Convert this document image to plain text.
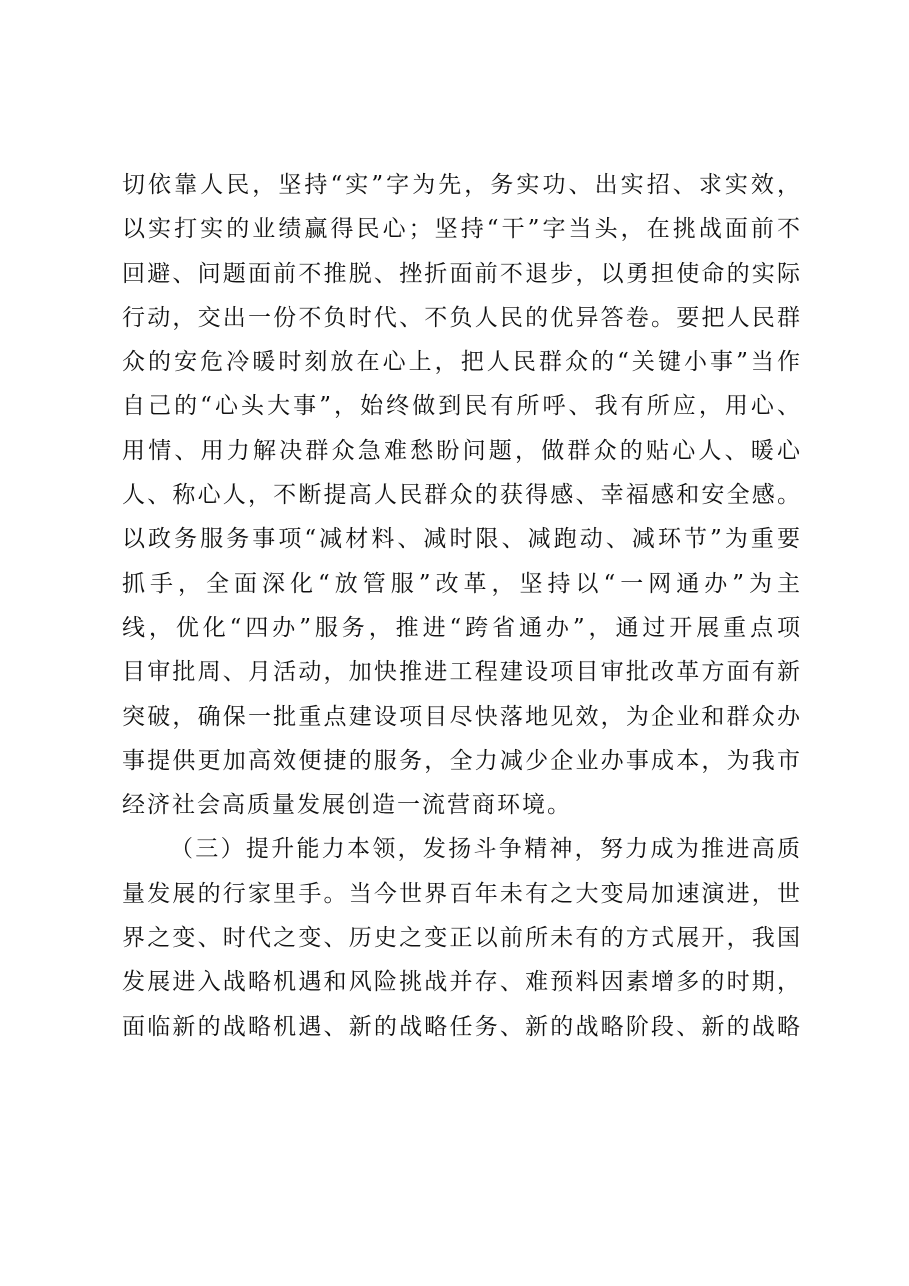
切依靠人民，坚持“实”字为先，务实功、出实招、求实效，
以实打实的业绩赢得民心；坚持“干”字当头，在挑战面前不
回避、问题面前不推脱、挫折面前不退步，以勇担使命的实际
行动，交出一份不负时代、不负人民的优异答卷。要把人民群
众的安危冷暖时刻放在心上，把人民群众的“关键小事”当作
自己的“心头大事”，始终做到民有所呼、我有所应，用心、
用情、用力解决群众急难愁盼问题，做群众的贴心人、暖心
人、称心人，不断提高人民群众的获得感、幸福感和安全感。
以政务服务事项“减材料、减时限、减跑动、减环节”为重要
抓手，全面深化“放管服”改革，坚持以“一网通办”为主
线，优化“四办”服务，推进“跨省通办”，通过开展重点项
目审批周、月活动，加快推进工程建设项目审批改革方面有新
突破，确保一批重点建设项目尽快落地见效，为企业和群众办
事提供更加高效便捷的服务，全力减少企业办事成本，为我市
经济社会高质量发展创造一流营商环境。
（三）提升能力本领，发扬斗争精神，努力成为推进高质
量发展的行家里手。当今世界百年未有之大变局加速演进，世
界之变、时代之变、历史之变正以前所未有的方式展开，我国
发展进入战略机遇和风险挑战并存、难预料因素增多的时期，
面临新的战略机遇、新的战略任务、新的战略阶段、新的战略
